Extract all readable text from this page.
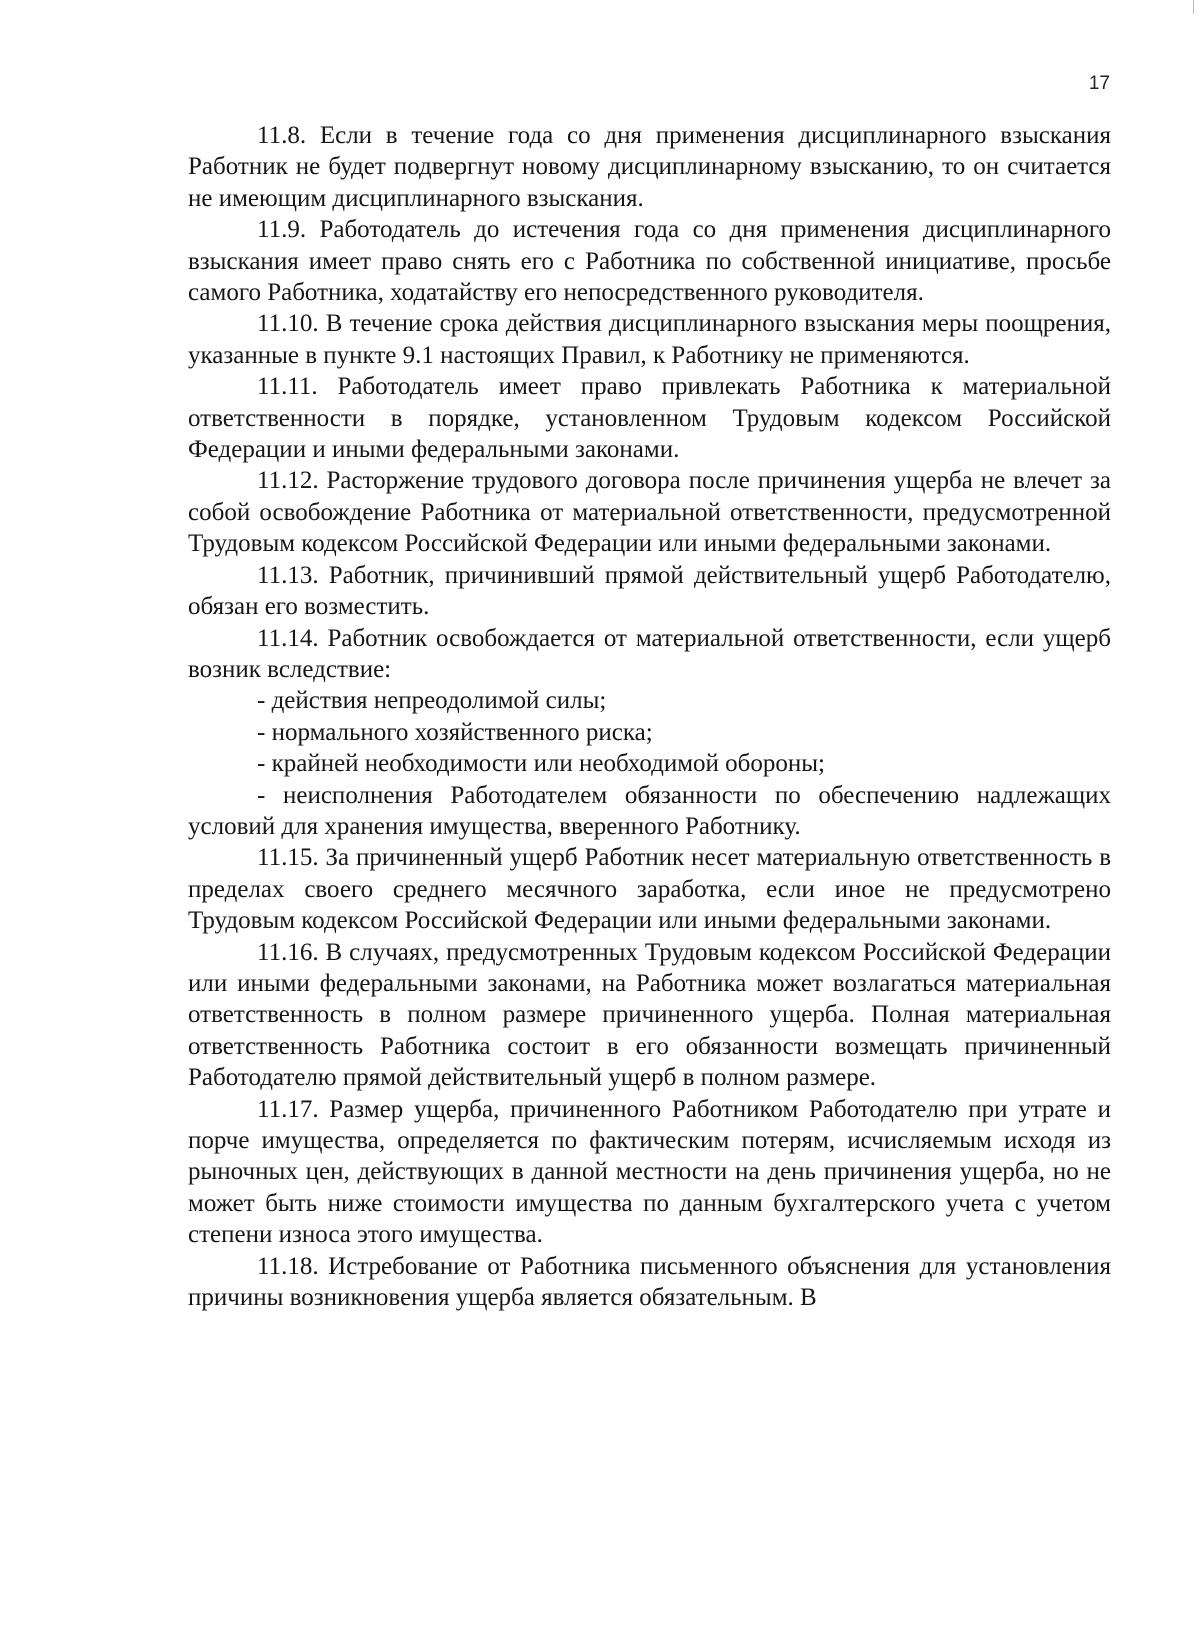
17

11.8. Если в течение года со дня применения дисциплинарного взыскания Работник не будет подвергнут новому дисциплинарному взысканию, то он считается не имеющим дисциплинарного взыскания.

11.9. Работодатель до истечения года со дня применения дисциплинарного взыскания имеет право снять его с Работника по собственной инициативе, просьбе самого Работника, ходатайству его непосредственного руководителя.

11.10. В течение срока действия дисциплинарного взыскания меры поощрения, указанные в пункте 9.1 настоящих Правил, к Работнику не применяются.

11.11. Работодатель имеет право привлекать Работника к материальной ответственности в порядке, установленном Трудовым кодексом Российской Федерации и иными федеральными законами.

11.12. Расторжение трудового договора после причинения ущерба не влечет за собой освобождение Работника от материальной ответственности, предусмотренной Трудовым кодексом Российской Федерации или иными федеральными законами.

11.13. Работник, причинивший прямой действительный ущерб Работодателю, обязан его возместить.

11.14. Работник освобождается от материальной ответственности, если ущерб возник вследствие:

- действия непреодолимой силы;

- нормального хозяйственного риска;

- крайней необходимости или необходимой обороны;

- неисполнения Работодателем обязанности по обеспечению надлежащих условий для хранения имущества, вверенного Работнику.

11.15. За причиненный ущерб Работник несет материальную ответственность в пределах своего среднего месячного заработка, если иное не предусмотрено Трудовым кодексом Российской Федерации или иными федеральными законами.

11.16. В случаях, предусмотренных Трудовым кодексом Российской Федерации или иными федеральными законами, на Работника может возлагаться материальная ответственность в полном размере причиненного ущерба. Полная материальная ответственность Работника состоит в его обязанности возмещать причиненный Работодателю прямой действительный ущерб в полном размере.

11.17. Размер ущерба, причиненного Работником Работодателю при утрате и порче имущества, определяется по фактическим потерям, исчисляемым исходя из рыночных цен, действующих в данной местности на день причинения ущерба, но не может быть ниже стоимости имущества по данным бухгалтерского учета с учетом степени износа этого имущества.

11.18. Истребование от Работника письменного объяснения для установления причины возникновения ущерба является обязательным. В
